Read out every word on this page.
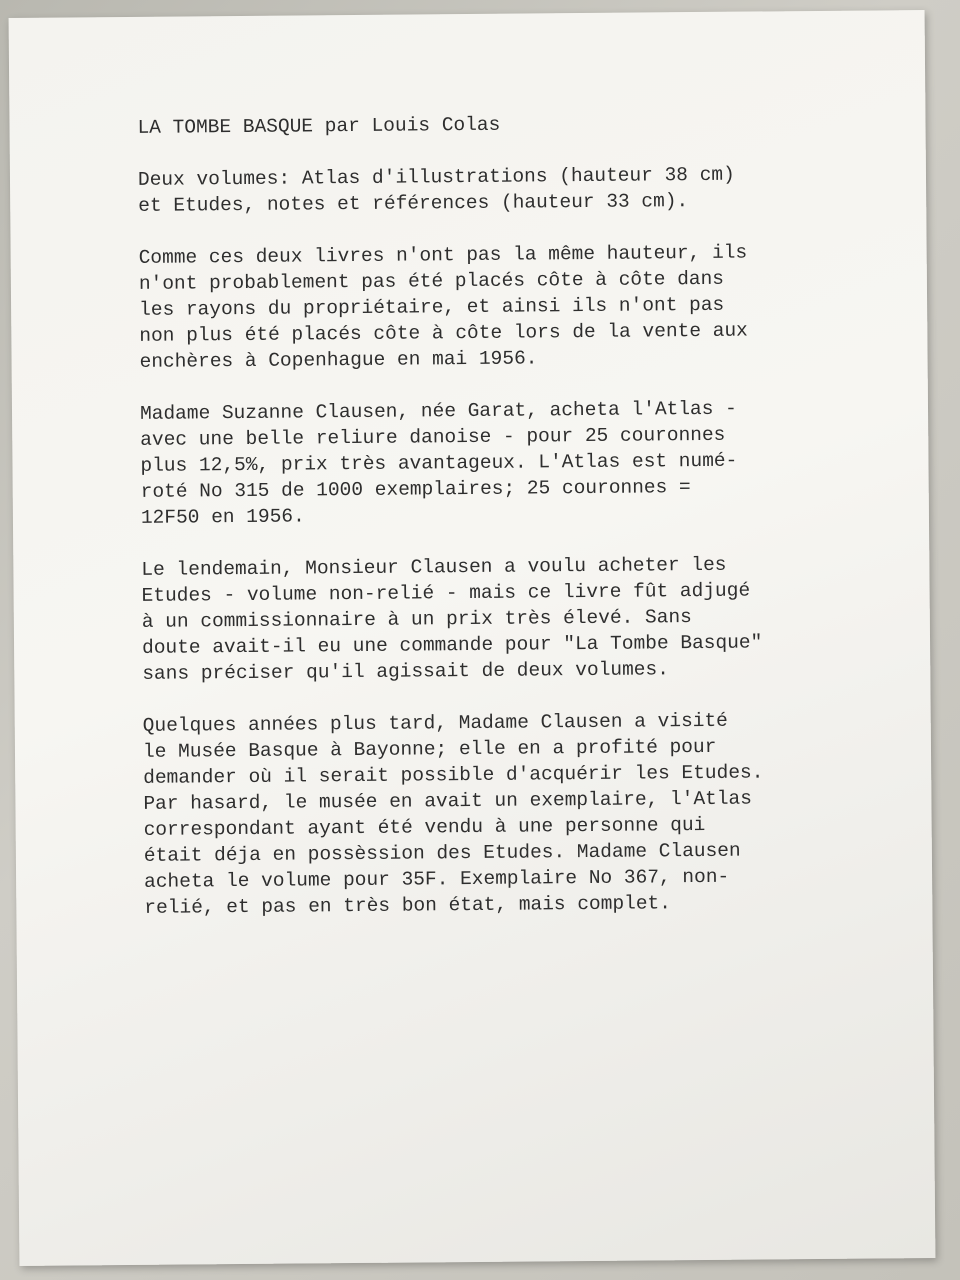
LA TOMBE BASQUE par Louis Colas
Deux volumes: Atlas d'illustrations (hauteur 38 cm)
et Etudes, notes et références (hauteur 33 cm).
Comme ces deux livres n'ont pas la même hauteur, ils
n'ont probablement pas été placés côte à côte dans
les rayons du propriétaire, et ainsi ils n'ont pas
non plus été placés côte à côte lors de la vente aux
enchères à Copenhague en mai 1956.
Madame Suzanne Clausen, née Garat, acheta l'Atlas -
avec une belle reliure danoise - pour 25 couronnes
plus 12,5%, prix très avantageux. L'Atlas est numé-
roté No 315 de 1000 exemplaires; 25 couronnes =
12F50 en 1956.
Le lendemain, Monsieur Clausen a voulu acheter les
Etudes - volume non-relié - mais ce livre fût adjugé
à un commissionnaire à un prix très élevé. Sans
doute avait-il eu une commande pour "La Tombe Basque"
sans préciser qu'il agissait de deux volumes.
Quelques années plus tard, Madame Clausen a visité
le Musée Basque à Bayonne; elle en a profité pour
demander où il serait possible d'acquérir les Etudes.
Par hasard, le musée en avait un exemplaire, l'Atlas
correspondant ayant été vendu à une personne qui
était déja en possèssion des Etudes. Madame Clausen
acheta le volume pour 35F. Exemplaire No 367, non-
relié, et pas en très bon état, mais complet.
